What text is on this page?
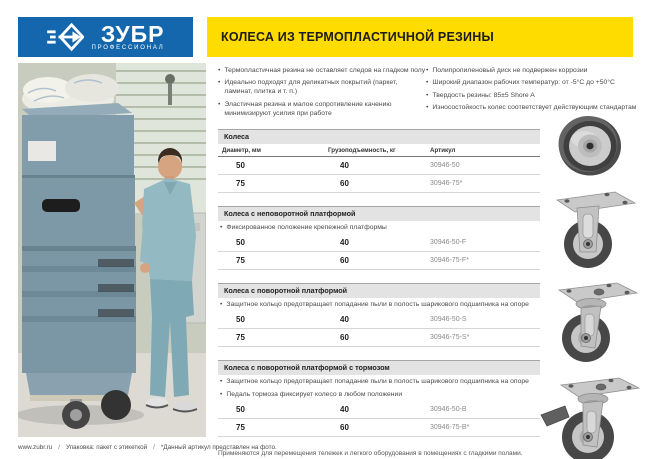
ЗУБР
ПРОФЕССИОНАЛ
КОЛЕСА ИЗ ТЕРМОПЛАСТИЧНОЙ РЕЗИНЫ
• Термопластичная резина не оставляет следов на гладком полу
• Идеально подходят для деликатных покрытий (паркет, ламинат, плитка и т. п.)
• Эластичная резина и малое сопротивление качению минимизируют усилия при работе
• Полипропиленовый диск не подвержен коррозии
• Широкий диапазон рабочих температур: от -5°С до +50°С
• Твердость резины: 85±5 Shore A
• Износостойкость колес соответствует действующим стандартам
Колеса
Диаметр, мм	Грузоподъемность, кг	Артикул
50	40	30946-50
75	60	30946-75*
Колеса с неповоротной платформой
• Фиксированное положение крепежной платформы
50	40	30946-50-F
75	60	30946-75-F*
Колеса с поворотной платформой
• Защитное кольцо предотвращает попадание пыли в полость шарикового подшипника на опоре
50	40	30946-50-S
75	60	30946-75-S*
Колеса с поворотной платформой с тормозом
• Защитное кольцо предотвращает попадание пыли в полость шарикового подшипника на опоре
• Педаль тормоза фиксирует колесо в любом положении
50	40	30946-50-B
75	60	30946-75-B*
Применяются для перемещения тележек и легкого оборудования в помещениях с гладкими полами.
www.zubr.ru / Упаковка: пакет с этикеткой / *Данный артикул представлен на фото.
